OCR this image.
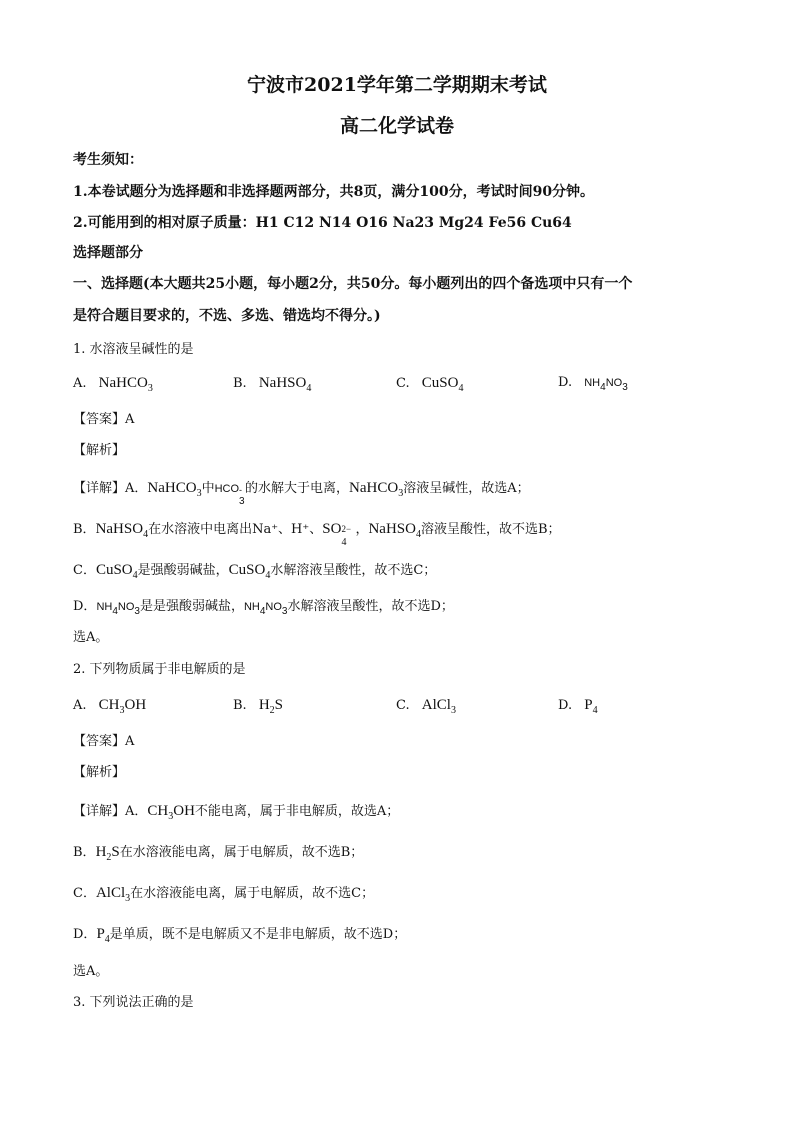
宁波市2021学年第二学期期末考试
高二化学试卷
考生须知：
1.本卷试题分为选择题和非选择题两部分，共8页，满分100分，考试时间90分钟。
2.可能用到的相对原子质量：H1 C12 N14 O16 Na23 Mg24 Fe56 Cu64
选择题部分
一、选择题(本大题共25小题，每小题2分，共50分。每小题列出的四个备选项中只有一个
是符合题目要求的，不选、多选、错选均不得分。)
1. 水溶液呈碱性的是
A. NaHCO$_3$	B. NaHSO$_4$	C. CuSO$_4$	D. NH4NO3
【答案】A
【解析】
【详解】A．NaHCO$_3$中HCO -
3
的水解大于电离，NaHCO$_3$溶液呈碱性，故选A；
B．NaHSO$_4$在水溶液中电离出Na⁺、H⁺、SO 2−
4
，NaHSO$_4$溶液呈酸性，故不选B；
C．CuSO$_4$是强酸弱碱盐，CuSO$_4$水解溶液呈酸性，故不选C；
D．NH4NO3是是强酸弱碱盐，NH4NO3水解溶液呈酸性，故不选D；
选A。
2. 下列物质属于非电解质的是
A. $CH_3OH$	B. $H_2S$	C. AlCl$_3$	D. $P_4$
【答案】A
【解析】
【详解】A．$CH_3OH$不能电离，属于非电解质，故选A；
B．$H_2S$在水溶液能电离，属于电解质，故不选B；
C．AlCl$_3$在水溶液能电离，属于电解质，故不选C；
D．$P_4$是单质，既不是电解质又不是非电解质，故不选D；
选A。
3. 下列说法正确的是
